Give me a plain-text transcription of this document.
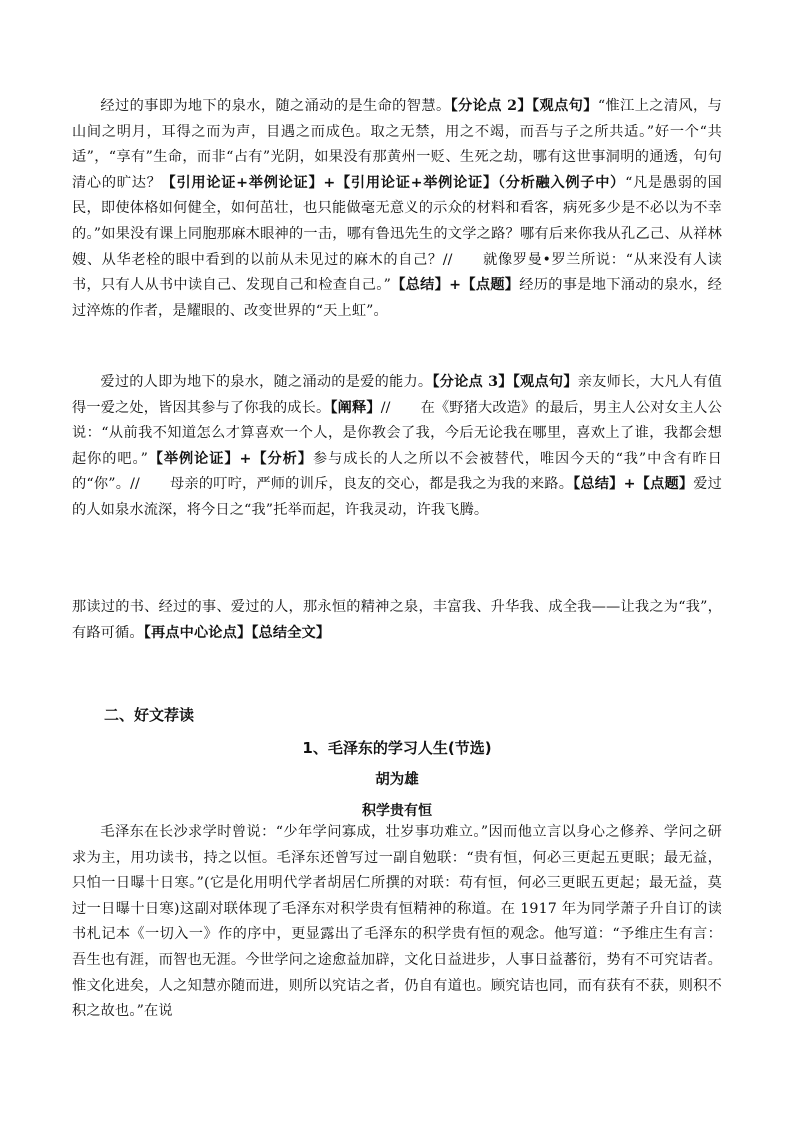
经过的事即为地下的泉水，随之涌动的是生命的智慧。【分论点 2】【观点句】“惟江上之清风，与山间之明月，耳得之而为声，目遇之而成色。取之无禁，用之不竭，而吾与子之所共适。”好一个“共适”，“享有”生命，而非“占有”光阴，如果没有那黄州一贬、生死之劫，哪有这世事洞明的通透，句句清心的旷达？【引用论证+举例论证】+【引用论证+举例论证】（分析融入例子中）“凡是愚弱的国民，即使体格如何健全，如何茁壮，也只能做毫无意义的示众的材料和看客，病死多少是不必以为不幸的。”如果没有课上同胞那麻木眼神的一击，哪有鲁迅先生的文学之路？哪有后来你我从孔乙己、从祥林嫂、从华老栓的眼中看到的以前从未见过的麻木的自己？// 就像罗曼•罗兰所说：“从来没有人读书，只有人从书中读自己、发现自己和检查自己。”【总结】+【点题】经历的事是地下涌动的泉水，经过淬炼的作者，是耀眼的、改变世界的“天上虹”。

爱过的人即为地下的泉水，随之涌动的是爱的能力。【分论点 3】【观点句】亲友师长，大凡人有值得一爱之处，皆因其参与了你我的成长。【阐释】// 在《野猪大改造》的最后，男主人公对女主人公说：“从前我不知道怎么才算喜欢一个人，是你教会了我，今后无论我在哪里，喜欢上了谁，我都会想起你的吧。”【举例论证】+【分析】参与成长的人之所以不会被替代，唯因今天的“我”中含有昨日的“你”。// 母亲的叮咛，严师的训斥，良友的交心，都是我之为我的来路。【总结】+【点题】爱过的人如泉水流深，将今日之“我”托举而起，许我灵动，许我飞腾。

那读过的书、经过的事、爱过的人，那永恒的精神之泉，丰富我、升华我、成全我——让我之为“我”，有路可循。【再点中心论点】【总结全文】

二、好文荐读

1、毛泽东的学习人生(节选)

胡为雄

积学贵有恒

毛泽东在长沙求学时曾说：“少年学问寡成，壮岁事功难立。”因而他立言以身心之修养、学问之研求为主，用功读书，持之以恒。毛泽东还曾写过一副自勉联：“贵有恒，何必三更起五更眠；最无益，只怕一日曝十日寒。”(它是化用明代学者胡居仁所撰的对联：苟有恒，何必三更眠五更起；最无益，莫过一日曝十日寒)这副对联体现了毛泽东对积学贵有恒精神的称道。在 1917 年为同学萧子升自订的读书札记本《一切入一》作的序中，更显露出了毛泽东的积学贵有恒的观念。他写道：“予维庄生有言：吾生也有涯，而智也无涯。今世学问之途愈益加辟，文化日益进步，人事日益蕃衍，势有不可究诘者。惟文化进矣，人之知慧亦随而进，则所以究诘之者，仍自有道也。顾究诘也同，而有获有不获，则积不积之故也。”在说
